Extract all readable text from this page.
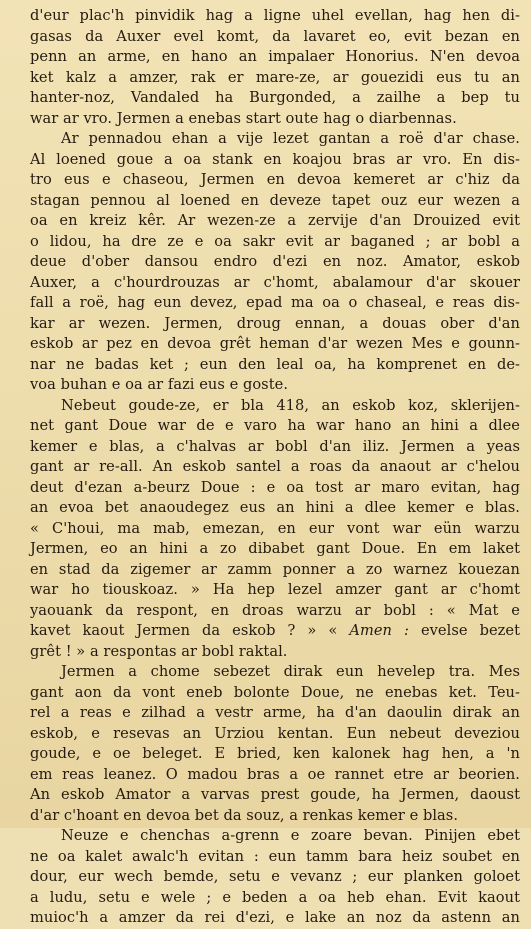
d'eur plac'h pinvidik hag a ligne uhel evellan, hag hen di-
gasas da Auxer evel komt, da lavaret eo, evit bezan en
penn an arme, en hano an impalaer Honorius. N'en devoa
ket kalz a amzer, rak er mare-ze, ar gouezidi eus tu an
hanter-noz, Vandaled ha Burgonded, a zailhe a bep tu
war ar vro. Jermen a enebas start oute hag o diarbennas.
Ar pennadou ehan a vije lezet gantan a roë d'ar chase.
Al loened goue a oa stank en koajou bras ar vro. En dis-
tro eus e chaseou, Jermen en devoa kemeret ar c'hiz da
stagan pennou al loened en deveze tapet ouz eur wezen a
oa en kreiz kêr. Ar wezen-ze a zervije d'an Drouized evit
o lidou, ha dre ze e oa sakr evit ar baganed ; ar bobl a
deue d'ober dansou endro d'ezi en noz. Amator, eskob
Auxer, a c'hourdrouzas ar c'homt, abalamour d'ar skouer
fall a roë, hag eun devez, epad ma oa o chaseal, e reas dis-
kar ar wezen. Jermen, droug ennan, a douas ober d'an
eskob ar pez en devoa grêt heman d'ar wezen Mes e gounn-
nar ne badas ket ; eun den leal oa, ha komprenet en de-
voa buhan e oa ar fazi eus e goste.
Nebeut goude-ze, er bla 418, an eskob koz, sklerijen-
net gant Doue war de e varo ha war hano an hini a dlee
kemer e blas, a c'halvas ar bobl d'an iliz. Jermen a yeas
gant ar re-all. An eskob santel a roas da anaout ar c'helou
deut d'ezan a-beurz Doue : e oa tost ar maro evitan, hag
an evoa bet anaoudegez eus an hini a dlee kemer e blas.
« C'houi, ma mab, emezan, en eur vont war eün warzu
Jermen, eo an hini a zo dibabet gant Doue. En em laket
en stad da zigemer ar zamm ponner a zo warnez kouezan
war ho tiouskoaz. » Ha hep lezel amzer gant ar c'homt
yaouank da respont, en droas warzu ar bobl : « Mat e
kavet kaout Jermen da eskob ? » « Amen : evelse bezet
grêt ! » a respontas ar bobl raktal.
Jermen a chome sebezet dirak eun hevelep tra. Mes
gant aon da vont eneb bolonte Doue, ne enebas ket. Teu-
rel a reas e zilhad a vestr arme, ha d'an daoulin dirak an
eskob, e resevas an Urziou kentan. Eun nebeut deveziou
goude, e oe beleget. E bried, ken kalonek hag hen, a 'n
em reas leanez. O madou bras a oe rannet etre ar beorien.
An eskob Amator a varvas prest goude, ha Jermen, daoust
d'ar c'hoant en devoa bet da souz, a renkas kemer e blas.
Neuze e chenchas a-grenn e zoare bevan. Pinijen ebet
ne oa kalet awalc'h evitan : eun tamm bara heiz soubet en
dour, eur wech bemde, setu e vevanz ; eur planken goloet
a ludu, setu e wele ; e beden a oa heb ehan. Evit kaout
muioc'h a amzer da rei d'ezi, e lake an noz da astenn an
